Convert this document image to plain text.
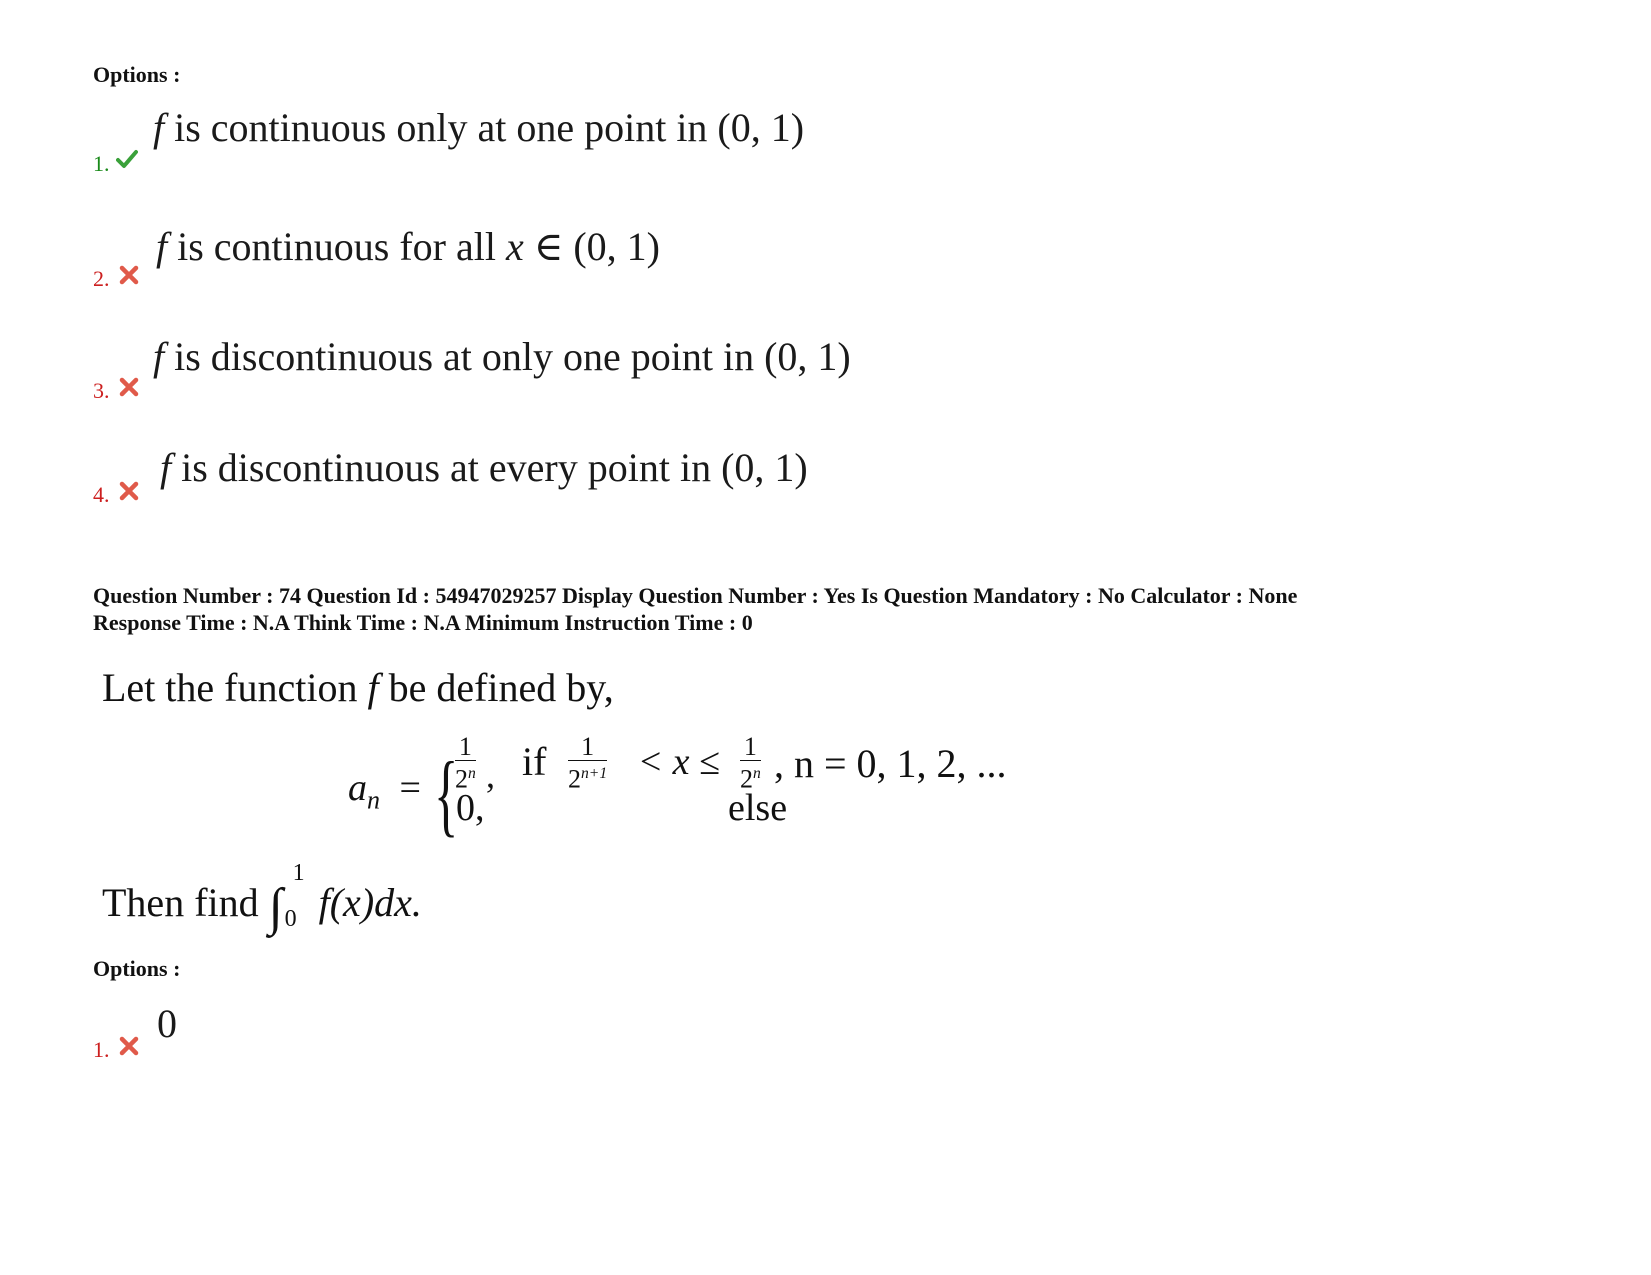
Options :
1.
f is continuous only at one point in (0, 1)
2.
f is continuous for all x ∈ (0, 1)
3.
f is discontinuous at only one point in (0, 1)
4.
f is discontinuous at every point in (0, 1)
Question Number : 74 Question Id : 54947029257 Display Question Number : Yes Is Question Mandatory : No Calculator : None
Response Time : N.A Think Time : N.A Minimum Instruction Time : 0
Let the function f be defined by,
$a_n$ = {
$\frac{1}{2^n}$ , if $\frac{1}{2^{n+1}} < x \le \frac{1}{2^n}$ , n = 0, 1, 2, ...
0,	else
Then find ∫
1
0 f(x)dx.
Options :
1.
0
